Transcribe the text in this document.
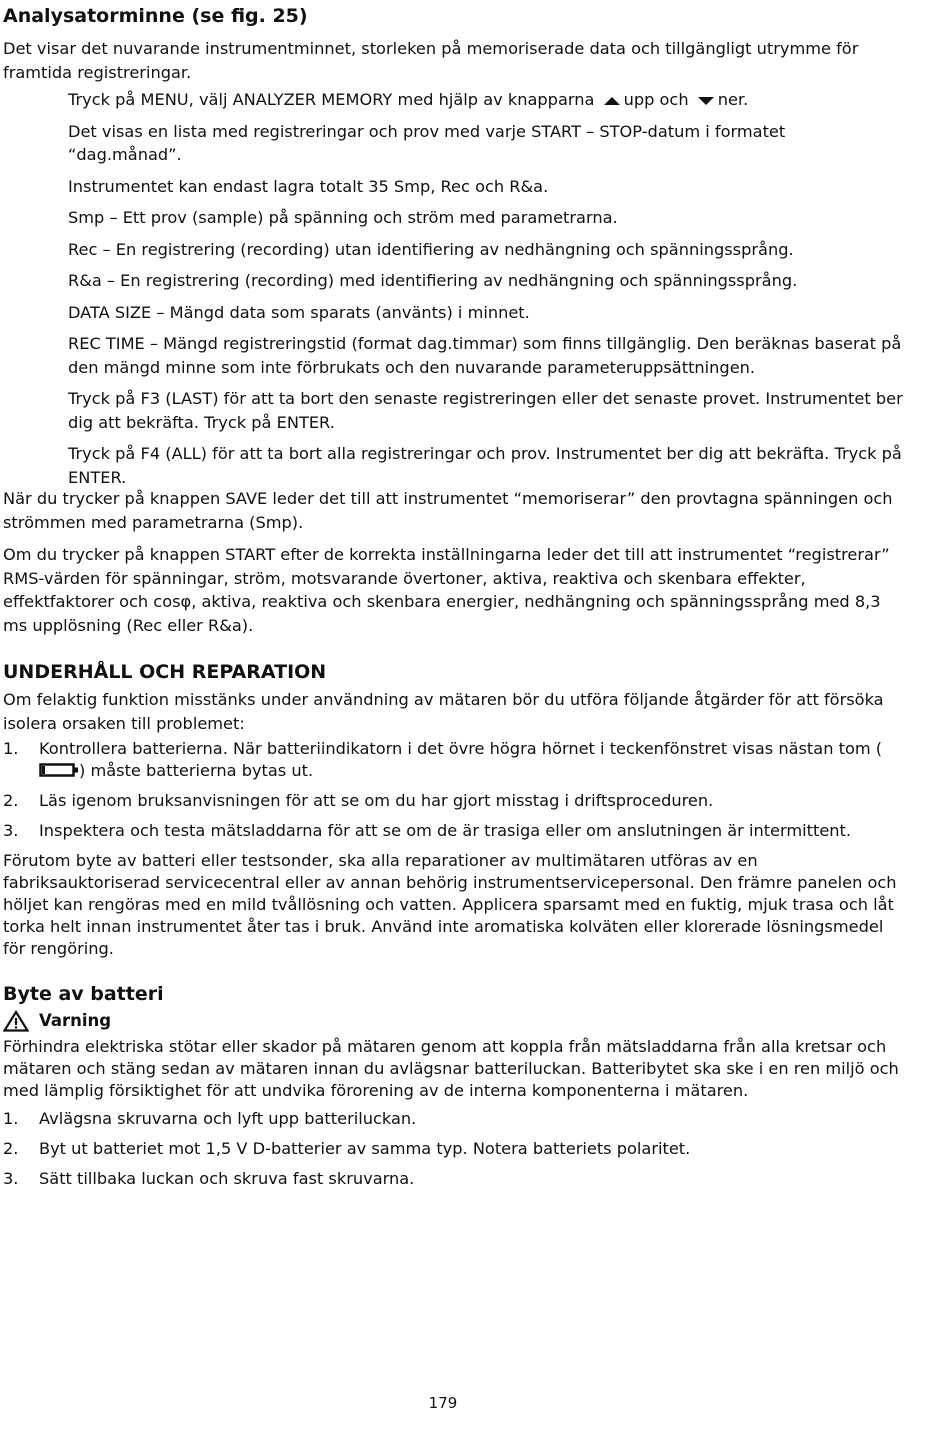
Analysatorminne (se fig. 25)

Det visar det nuvarande instrumentminnet, storleken på memoriserade data och tillgängligt utrymme för framtida registreringar.

Tryck på MENU, välj ANALYZER MEMORY med hjälp av knapparna upp och ner.

Det visas en lista med registreringar och prov med varje START – STOP-datum i formatet “dag.månad”.

Instrumentet kan endast lagra totalt 35 Smp, Rec och R&a.

Smp – Ett prov (sample) på spänning och ström med parametrarna.

Rec – En registrering (recording) utan identifiering av nedhängning och spänningssprång.

R&a – En registrering (recording) med identifiering av nedhängning och spänningssprång.

DATA SIZE – Mängd data som sparats (använts) i minnet.

REC TIME – Mängd registreringstid (format dag.timmar) som finns tillgänglig. Den beräknas baserat på den mängd minne som inte förbrukats och den nuvarande parameteruppsättningen.

Tryck på F3 (LAST) för att ta bort den senaste registreringen eller det senaste provet. Instrumentet ber dig att bekräfta. Tryck på ENTER.

Tryck på F4 (ALL) för att ta bort alla registreringar och prov. Instrumentet ber dig att bekräfta. Tryck på ENTER.

När du trycker på knappen SAVE leder det till att instrumentet “memoriserar” den provtagna spänningen och strömmen med parametrarna (Smp).

Om du trycker på knappen START efter de korrekta inställningarna leder det till att instrumentet “registrerar” RMS-värden för spänningar, ström, motsvarande övertoner, aktiva, reaktiva och skenbara effekter, effektfaktorer och cosφ, aktiva, reaktiva och skenbara energier, nedhängning och spänningssprång med 8,3 ms upplösning (Rec eller R&a).

UNDERHÅLL OCH REPARATION

Om felaktig funktion misstänks under användning av mätaren bör du utföra följande åtgärder för att försöka isolera orsaken till problemet:

1. Kontrollera batterierna. När batteriindikatorn i det övre högra hörnet i teckenfönstret visas nästan tom () måste batterierna bytas ut.
2. Läs igenom bruksanvisningen för att se om du har gjort misstag i driftsproceduren.
3. Inspektera och testa mätsladdarna för att se om de är trasiga eller om anslutningen är intermittent.

Förutom byte av batteri eller testsonder, ska alla reparationer av multimätaren utföras av en fabriksauktoriserad servicecentral eller av annan behörig instrumentservicepersonal. Den främre panelen och höljet kan rengöras med en mild tvållösning och vatten. Applicera sparsamt med en fuktig, mjuk trasa och låt torka helt innan instrumentet åter tas i bruk. Använd inte aromatiska kolväten eller klorerade lösningsmedel för rengöring.

Byte av batteri
Varning

Förhindra elektriska stötar eller skador på mätaren genom att koppla från mätsladdarna från alla kretsar och mätaren och stäng sedan av mätaren innan du avlägsnar batteriluckan. Batteribytet ska ske i en ren miljö och med lämplig försiktighet för att undvika förorening av de interna komponenterna i mätaren.

1. Avlägsna skruvarna och lyft upp batteriluckan.
2. Byt ut batteriet mot 1,5 V D-batterier av samma typ. Notera batteriets polaritet.
3. Sätt tillbaka luckan och skruva fast skruvarna.
179
